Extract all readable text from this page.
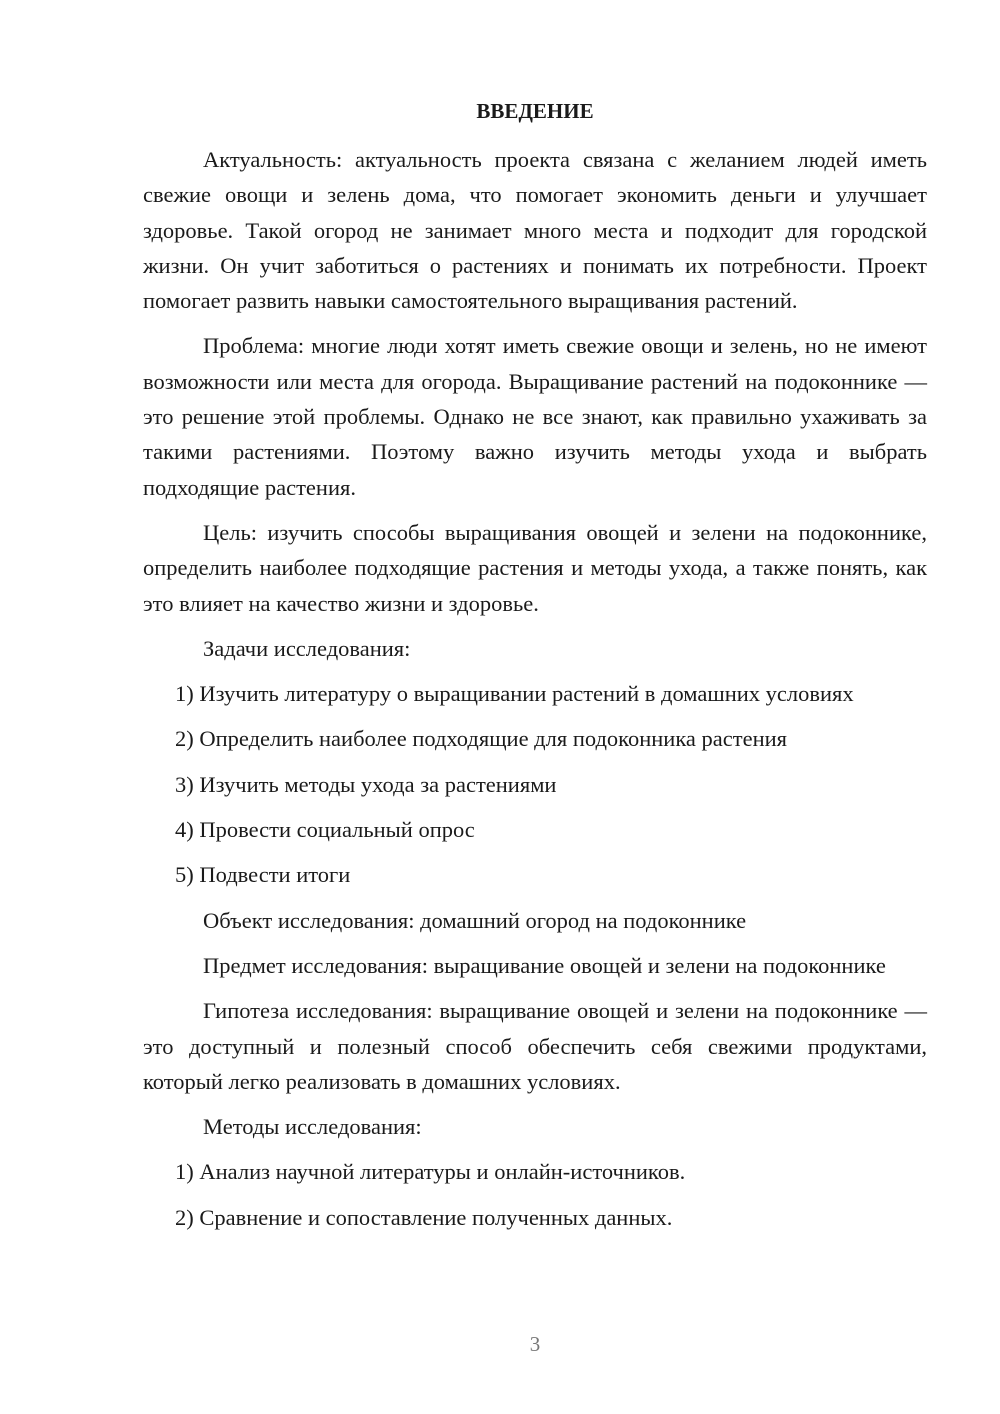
ВВЕДЕНИЕ

Актуальность: актуальность проекта связана с желанием людей иметь свежие овощи и зелень дома, что помогает экономить деньги и улучшает здоровье. Такой огород не занимает много места и подходит для городской жизни. Он учит заботиться о растениях и понимать их потребности. Проект помогает развить навыки самостоятельного выращивания растений.

Проблема: многие люди хотят иметь свежие овощи и зелень, но не имеют возможности или места для огорода. Выращивание растений на подоконнике — это решение этой проблемы. Однако не все знают, как правильно ухаживать за такими растениями. Поэтому важно изучить методы ухода и выбрать подходящие растения.

Цель: изучить способы выращивания овощей и зелени на подоконнике, определить наиболее подходящие растения и методы ухода, а также понять, как это влияет на качество жизни и здоровье.

Задачи исследования:

1) Изучить литературу о выращивании растений в домашних условиях
2) Определить наиболее подходящие для подоконника растения
3) Изучить методы ухода за растениями
4) Провести социальный опрос
5) Подвести итоги

Объект исследования: домашний огород на подоконнике

Предмет исследования: выращивание овощей и зелени на подоконнике

Гипотеза исследования: выращивание овощей и зелени на подоконнике — это доступный и полезный способ обеспечить себя свежими продуктами, который легко реализовать в домашних условиях.

Методы исследования:

1) Анализ научной литературы и онлайн-источников.
2) Сравнение и сопоставление полученных данных.
3
